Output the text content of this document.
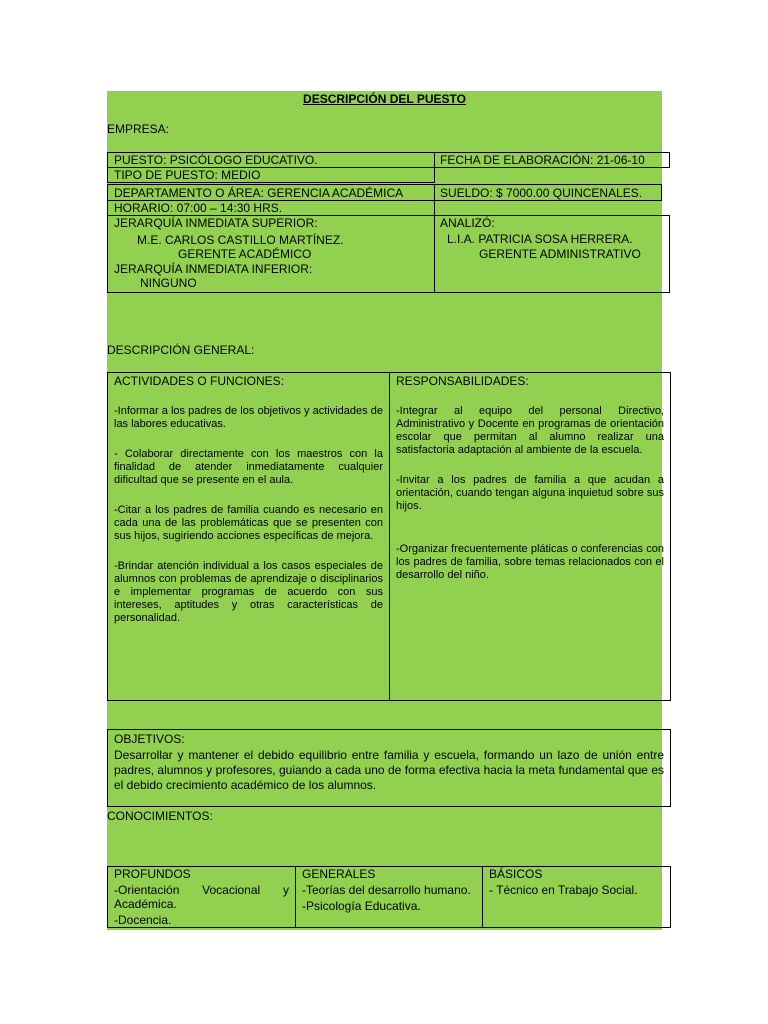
DESCRIPCIÓN DEL PUESTO
EMPRESA:
PUESTO: PSICÓLOGO EDUCATIVO.	FECHA DE ELABORACIÓN: 21-06-10
TIPO DE PUESTO: MEDIO
DEPARTAMENTO O ÁREA: GERENCIA ACADÉMICA	SUELDO: $ 7000.00 QUINCENALES.
HORARIO: 07:00 – 14:30 HRS.
JERARQUÍA INMEDIATA SUPERIOR:
M.E. CARLOS CASTILLO MARTÍNEZ.
GERENTE ACADÉMICO
JERARQUÍA INMEDIATA INFERIOR:
NINGUNO
ANALIZÓ:
L.I.A. PATRICIA SOSA HERRERA.
GERENTE ADMINISTRATIVO
DESCRIPCIÓN GENERAL:
ACTIVIDADES O FUNCIONES:
-Informar a los padres de los objetivos y actividades de las labores educativas.
- Colaborar directamente con los maestros con la finalidad de atender inmediatamente cualquier dificultad que se presente en el aula.
-Citar a los padres de familia cuando es necesario en cada una de las problemáticas que se presenten con sus hijos, sugiriendo acciones específicas de mejora.
-Brindar atención individual a los casos especiales de alumnos con problemas de aprendizaje o disciplinarios e implementar programas de acuerdo con sus intereses, aptitudes y otras características de personalidad.
RESPONSABILIDADES:
-Integrar al equipo del personal Directivo, Administrativo y Docente en programas de orientación escolar que permitan al alumno realizar una satisfactoria adaptación al ambiente de la escuela.
-Invitar a los padres de familia a que acudan a orientación, cuando tengan alguna inquietud sobre sus hijos.
-Organizar frecuentemente pláticas o conferencias con los padres de familia, sobre temas relacionados con el desarrollo del niño.
OBJETIVOS:
Desarrollar y mantener el debido equilibrio entre familia y escuela, formando un lazo de unión entre padres, alumnos y profesores, guiando a cada uno de forma efectiva hacia la meta fundamental que es el debido crecimiento académico de los alumnos.
CONOCIMIENTOS:
PROFUNDOS
-Orientación Vocacional y Académica.
-Docencia.
GENERALES
-Teorías del desarrollo humano.
-Psicología Educativa.
BÁSICOS
- Técnico en Trabajo Social.
